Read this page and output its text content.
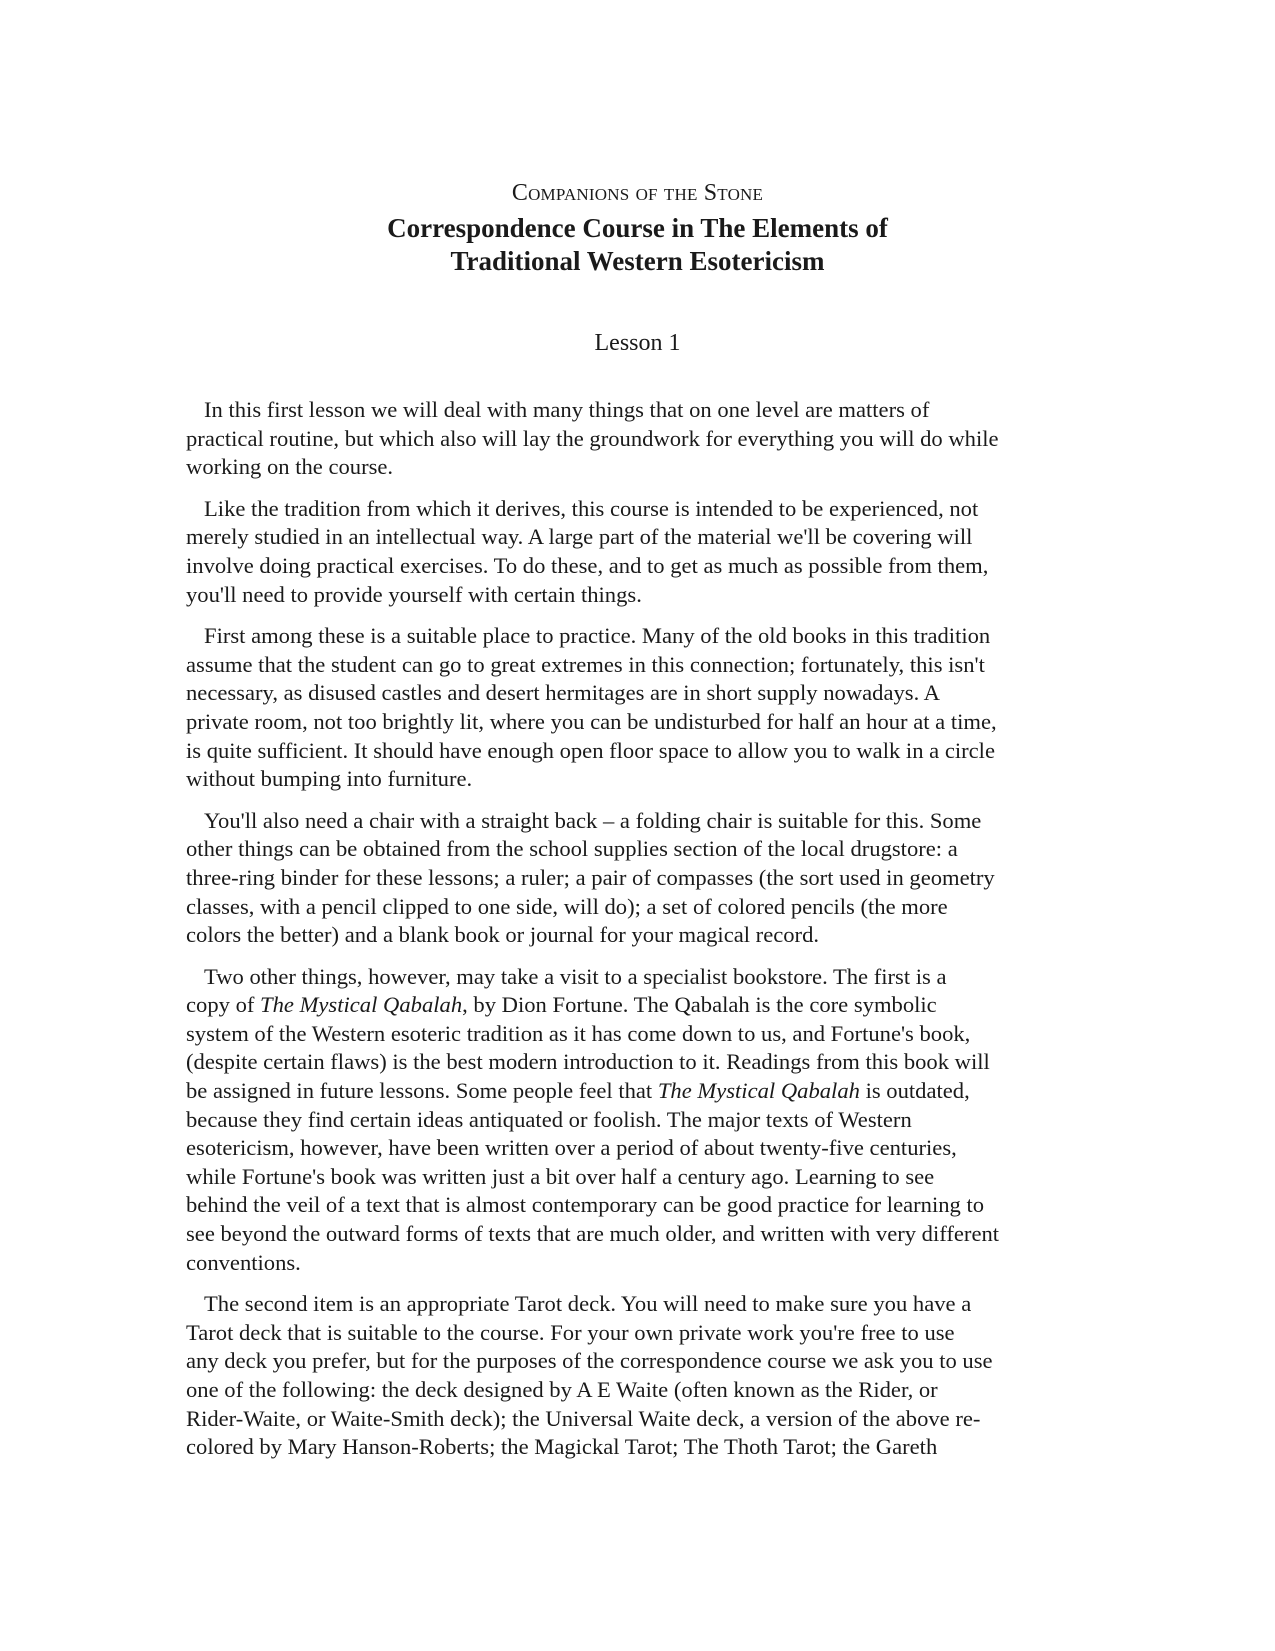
Companions of the Stone

Correspondence Course in The Elements of
Traditional Western Esotericism
Lesson 1

In this first lesson we will deal with many things that on one level are matters of
practical routine, but which also will lay the groundwork for everything you will do while
working on the course.

Like the tradition from which it derives, this course is intended to be experienced, not
merely studied in an intellectual way. A large part of the material we'll be covering will
involve doing practical exercises. To do these, and to get as much as possible from them,
you'll need to provide yourself with certain things.

First among these is a suitable place to practice. Many of the old books in this tradition
assume that the student can go to great extremes in this connection; fortunately, this isn't
necessary, as disused castles and desert hermitages are in short supply nowadays. A
private room, not too brightly lit, where you can be undisturbed for half an hour at a time,
is quite sufficient. It should have enough open floor space to allow you to walk in a circle
without bumping into furniture.

You'll also need a chair with a straight back – a folding chair is suitable for this. Some
other things can be obtained from the school supplies section of the local drugstore: a
three-ring binder for these lessons; a ruler; a pair of compasses (the sort used in geometry
classes, with a pencil clipped to one side, will do); a set of colored pencils (the more
colors the better) and a blank book or journal for your magical record.

Two other things, however, may take a visit to a specialist bookstore. The first is a
copy of The Mystical Qabalah, by Dion Fortune. The Qabalah is the core symbolic
system of the Western esoteric tradition as it has come down to us, and Fortune's book,
(despite certain flaws) is the best modern introduction to it. Readings from this book will
be assigned in future lessons. Some people feel that The Mystical Qabalah is outdated,
because they find certain ideas antiquated or foolish. The major texts of Western
esotericism, however, have been written over a period of about twenty-five centuries,
while Fortune's book was written just a bit over half a century ago. Learning to see
behind the veil of a text that is almost contemporary can be good practice for learning to
see beyond the outward forms of texts that are much older, and written with very different
conventions.

The second item is an appropriate Tarot deck. You will need to make sure you have a
Tarot deck that is suitable to the course. For your own private work you're free to use
any deck you prefer, but for the purposes of the correspondence course we ask you to use
one of the following: the deck designed by A E Waite (often known as the Rider, or
Rider-Waite, or Waite-Smith deck); the Universal Waite deck, a version of the above re-
colored by Mary Hanson-Roberts; the Magickal Tarot; The Thoth Tarot; the Gareth
